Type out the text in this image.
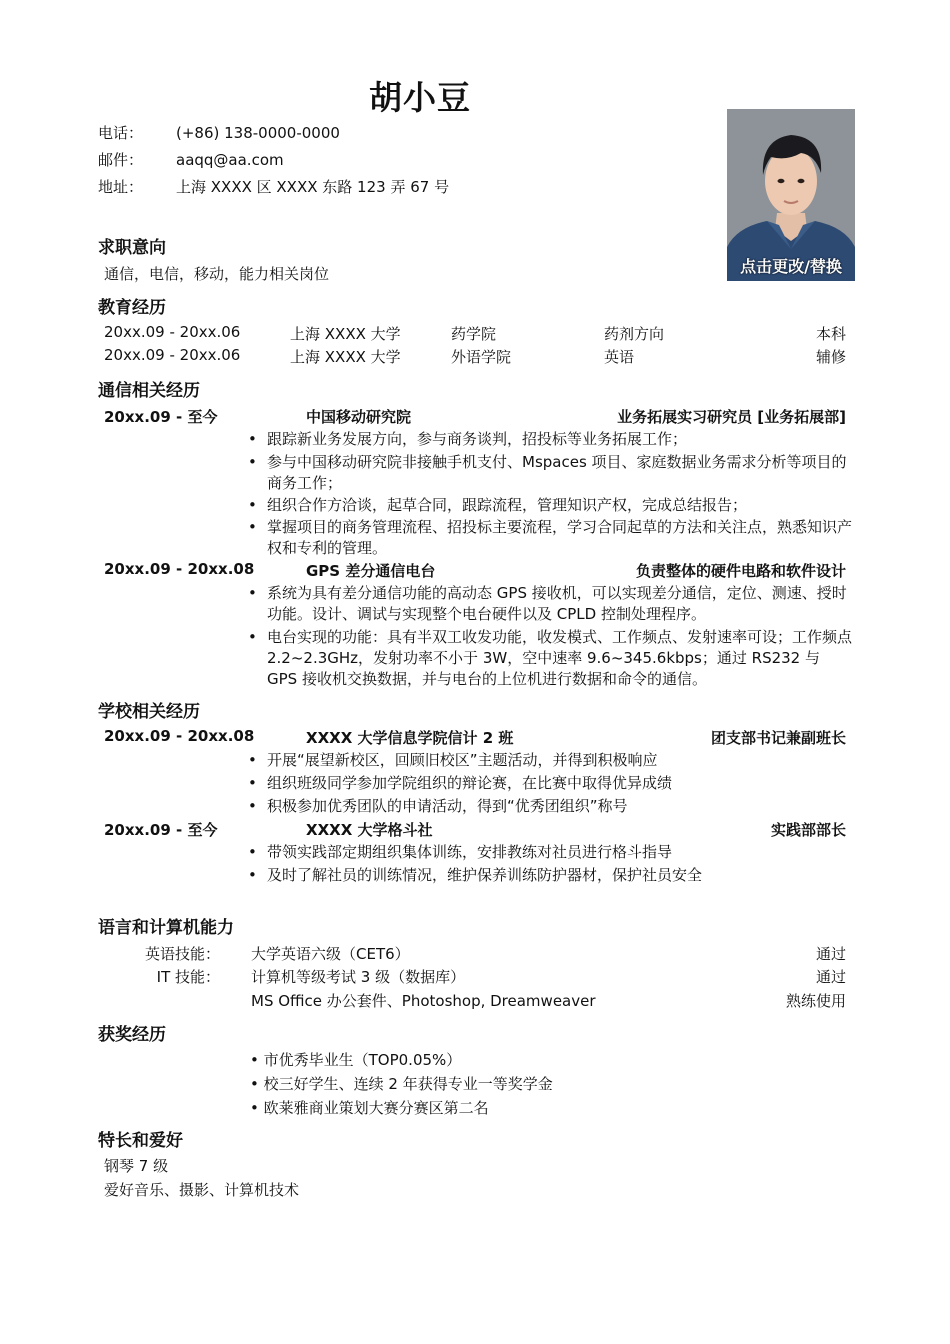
胡小豆
电话： (+86) 138-0000-0000
邮件： aaqq@aa.com
地址： 上海 XXXX 区 XXXX 东路 123 弄 67 号
点击更改/替换
求职意向
通信，电信，移动，能力相关岗位
教育经历
20xx.09 - 20xx.06	上海 XXXX 大学	药学院	药剂方向	本科
20xx.09 - 20xx.06	上海 XXXX 大学	外语学院	英语	辅修
通信相关经历
20xx.09 - 至今	中国移动研究院	业务拓展实习研究员 [业务拓展部]
• 跟踪新业务发展方向，参与商务谈判，招投标等业务拓展工作；
• 参与中国移动研究院非接触手机支付、Mspaces 项目、家庭数据业务需求分析等项目的商务工作；
• 组织合作方洽谈，起草合同，跟踪流程，管理知识产权，完成总结报告；
• 掌握项目的商务管理流程、招投标主要流程，学习合同起草的方法和关注点，熟悉知识产权和专利的管理。
20xx.09 - 20xx.08	GPS 差分通信电台	负责整体的硬件电路和软件设计
• 系统为具有差分通信功能的高动态 GPS 接收机，可以实现差分通信，定位、测速、授时功能。设计、调试与实现整个电台硬件以及 CPLD 控制处理程序。
• 电台实现的功能：具有半双工收发功能，收发模式、工作频点、发射速率可设；工作频点 2.2~2.3GHz，发射功率不小于 3W，空中速率 9.6~345.6kbps；通过 RS232 与 GPS 接收机交换数据，并与电台的上位机进行数据和命令的通信。
学校相关经历
20xx.09 - 20xx.08	XXXX 大学信息学院信计 2 班	团支部书记兼副班长
• 开展“展望新校区，回顾旧校区”主题活动，并得到积极响应
• 组织班级同学参加学院组织的辩论赛，在比赛中取得优异成绩
• 积极参加优秀团队的申请活动，得到“优秀团组织”称号
20xx.09 - 至今	XXXX 大学格斗社	实践部部长
• 带领实践部定期组织集体训练，安排教练对社员进行格斗指导
• 及时了解社员的训练情况，维护保养训练防护器材，保护社员安全
语言和计算机能力
英语技能： 大学英语六级（CET6）	通过
IT 技能： 计算机等级考试 3 级（数据库）	通过
MS Office 办公套件、Photoshop, Dreamweaver	熟练使用
获奖经历
• 市优秀毕业生（TOP0.05%）
• 校三好学生、连续 2 年获得专业一等奖学金
• 欧莱雅商业策划大赛分赛区第二名
特长和爱好
钢琴 7 级
爱好音乐、摄影、计算机技术
